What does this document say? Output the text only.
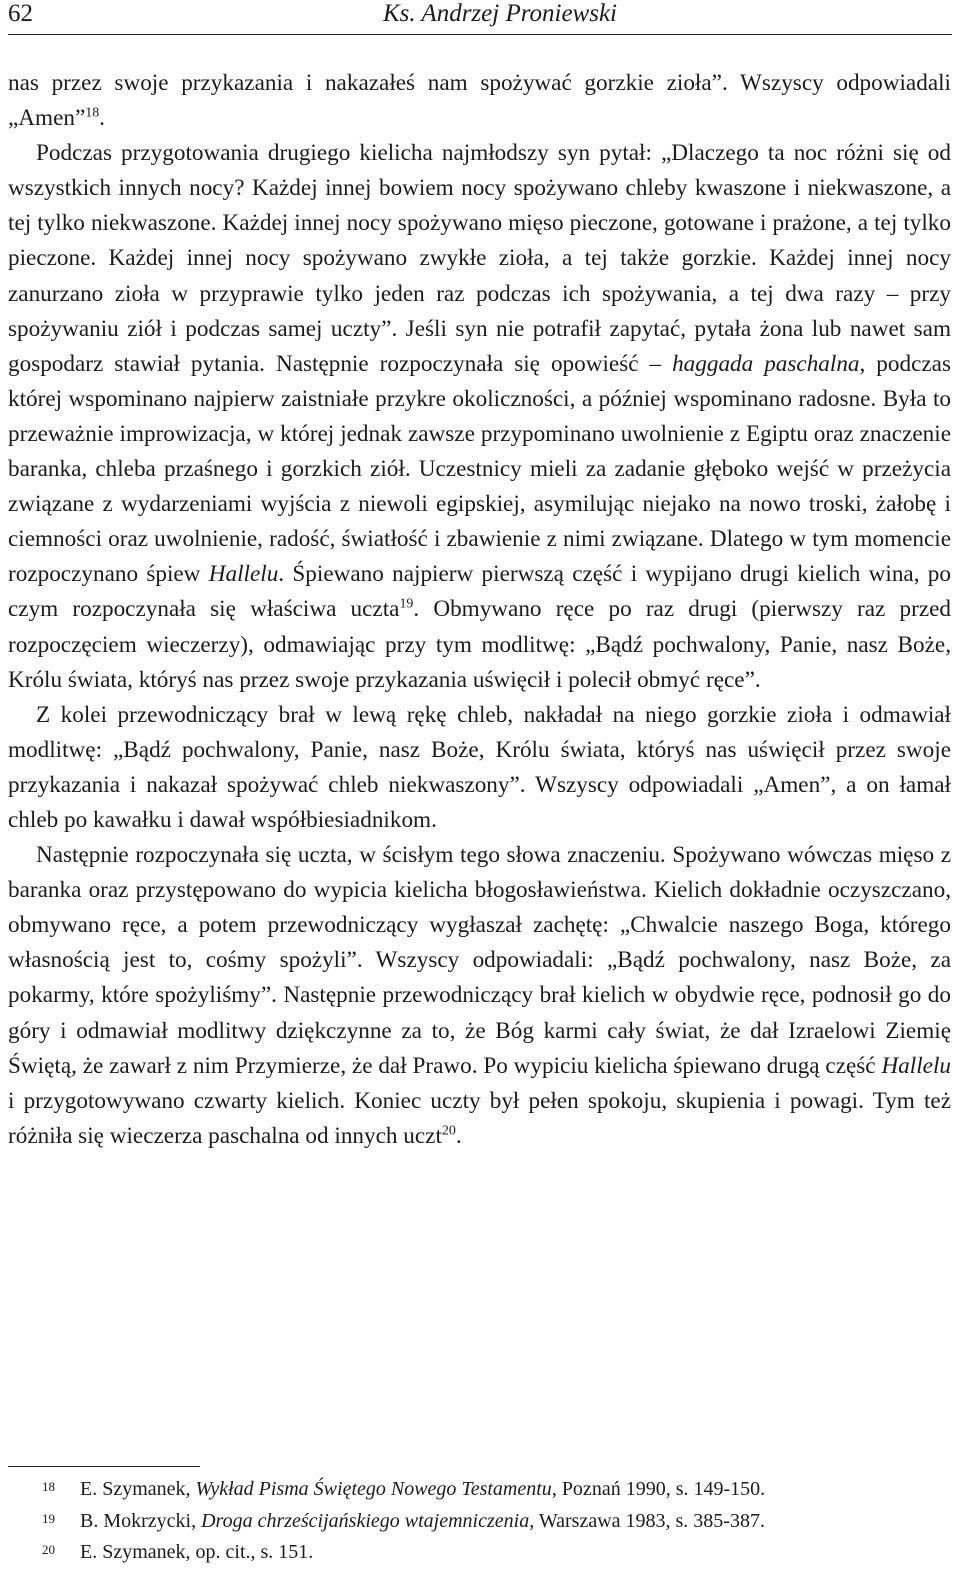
62	Ks. Andrzej Proniewski

nas przez swoje przykazania i nakazałeś nam spożywać gorzkie zioła”. Wszyscy odpowiadali „Amen”$^{18}$.

Podczas przygotowania drugiego kielicha najmłodszy syn pytał: „Dlaczego ta noc różni się od wszystkich innych nocy? Każdej innej bowiem nocy spożywano chleby kwaszone i niekwaszone, a tej tylko niekwaszone. Każdej innej nocy spożywano mięso pieczone, gotowane i prażone, a tej tylko pieczone. Każdej innej nocy spożywano zwykłe zioła, a tej także gorzkie. Każdej innej nocy zanurzano zioła w przyprawie tylko jeden raz podczas ich spożywania, a tej dwa razy – przy spożywaniu ziół i podczas samej uczty”. Jeśli syn nie potrafił zapytać, pytała żona lub nawet sam gospodarz stawiał pytania. Następnie rozpoczynała się opowieść – haggada paschalna, podczas której wspominano najpierw zaistniałe przykre okoliczności, a później wspominano radosne. Była to przeważnie improwizacja, w której jednak zawsze przypominano uwolnienie z Egiptu oraz znaczenie baranka, chleba przaśnego i gorzkich ziół. Uczestnicy mieli za zadanie głęboko wejść w przeżycia związane z wydarzeniami wyjścia z niewoli egipskiej, asymilując niejako na nowo troski, żałobę i ciemności oraz uwolnienie, radość, światłość i zbawienie z nimi związane. Dlatego w tym momencie rozpoczynano śpiew Hallelu. Śpiewano najpierw pierwszą część i wypijano drugi kielich wina, po czym rozpoczynała się właściwa uczta$^{19}$. Obmywano ręce po raz drugi (pierwszy raz przed rozpoczęciem wieczerzy), odmawiając przy tym modlitwę: „Bądź pochwalony, Panie, nasz Boże, Królu świata, któryś nas przez swoje przykazania uświęcił i polecił obmyć ręce”.

Z kolei przewodniczący brał w lewą rękę chleb, nakładał na niego gorzkie zioła i odmawiał modlitwę: „Bądź pochwalony, Panie, nasz Boże, Królu świata, któryś nas uświęcił przez swoje przykazania i nakazał spożywać chleb niekwaszony”. Wszyscy odpowiadali „Amen”, a on łamał chleb po kawałku i dawał współbiesiadnikom.

Następnie rozpoczynała się uczta, w ścisłym tego słowa znaczeniu. Spożywano wówczas mięso z baranka oraz przystępowano do wypicia kielicha błogosławieństwa. Kielich dokładnie oczyszczano, obmywano ręce, a potem przewodniczący wygłaszał zachętę: „Chwalcie naszego Boga, którego własnością jest to, cośmy spożyli”. Wszyscy odpowiadali: „Bądź pochwalony, nasz Boże, za pokarmy, które spożyliśmy”. Następnie przewodniczący brał kielich w obydwie ręce, podnosił go do góry i odmawiał modlitwy dziękczynne za to, że Bóg karmi cały świat, że dał Izraelowi Ziemię Świętą, że zawarł z nim Przymierze, że dał Prawo. Po wypiciu kielicha śpiewano drugą część Hallelu i przygotowywano czwarty kielich. Koniec uczty był pełen spokoju, skupienia i powagi. Tym też różniła się wieczerza paschalna od innych uczt$^{20}$.

18 E. Szymanek, Wykład Pisma Świętego Nowego Testamentu, Poznań 1990, s. 149-150.
19 B. Mokrzycki, Droga chrześcijańskiego wtajemniczenia, Warszawa 1983, s. 385-387.
20 E. Szymanek, op. cit., s. 151.
